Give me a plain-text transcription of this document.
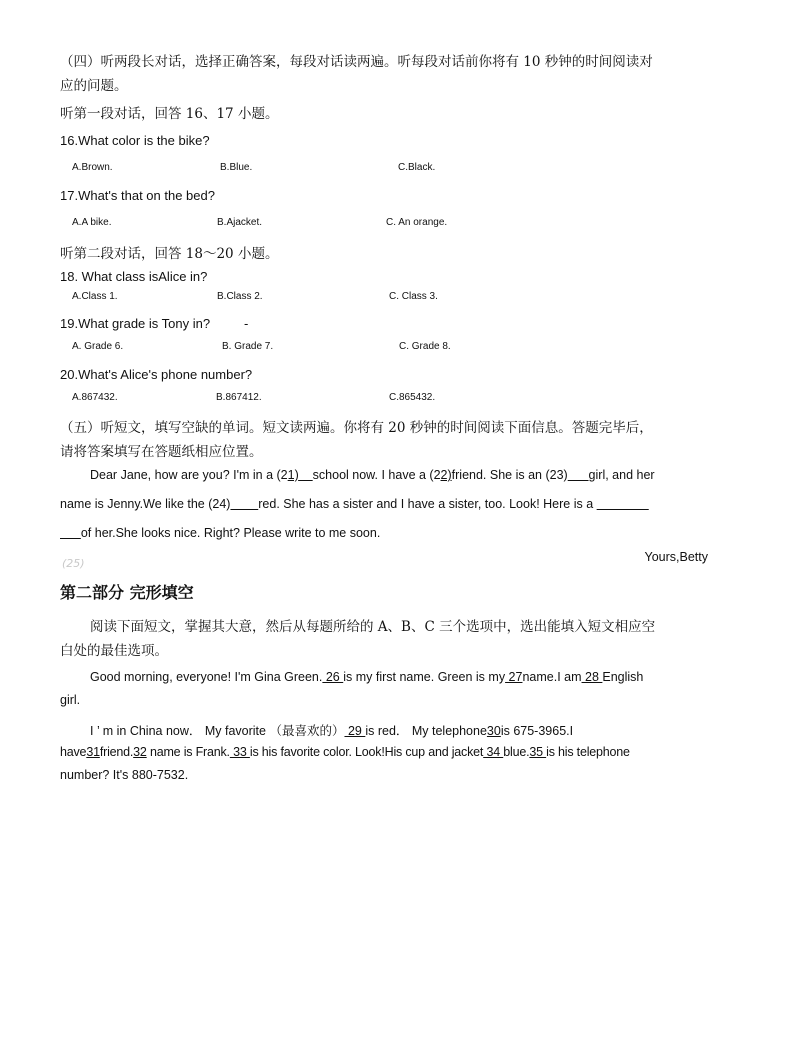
（四）听两段长对话，选择正确答案，每段对话读两遍。听每段对话前你将有 10 秒钟的时间阅读对
应的问题。
听第一段对话，回答 16、17 小题。
16.What color is the bike?
A.Brown.	B.Blue.	C.Black.
17.What's that on the bed?
A.A bike.	B.Ajacket.	C. An orange.
听第二段对话，回答 18～20 小题。
18. What class isAlice in?
A.Class 1.	B.Class 2.	C. Class 3.
19.What grade is Tony in?	-
A. Grade 6.	B. Grade 7.	C. Grade 8.
20.What's Alice's phone number?
A.867432.	B.867412.	C.865432.
（五）听短文，填写空缺的单词。短文读两遍。你将有 20 秒钟的时间阅读下面信息。答题完毕后，
请将答案填写在答题纸相应位置。
Dear Jane, how are you? I'm in a (21) school now. I have a (22)friend. She is an (23) girl, and her
name is Jenny.We like the (24) red. She has a sister and I have a sister, too. Look! Here is a
of her.She looks nice. Right? Please write to me soon.
(25)	Yours,Betty
第二部分 完形填空
阅读下面短文，掌握其大意，然后从每题所给的 A、B、C 三个选项中，选出能填入短文相应空
白处的最佳选项。
Good morning, everyone! I'm Gina Green. 26 is my first name. Green is my 27name.I am 28 English
girl.
I ’ m in China now． My favorite （最喜欢的） 29 is red． My telephone30is 675-3965.I
have31friend.32 name is Frank. 33 is his favorite color. Look!His cup and jacket 34 blue.35 is his telephone
number? It's 880-7532.
